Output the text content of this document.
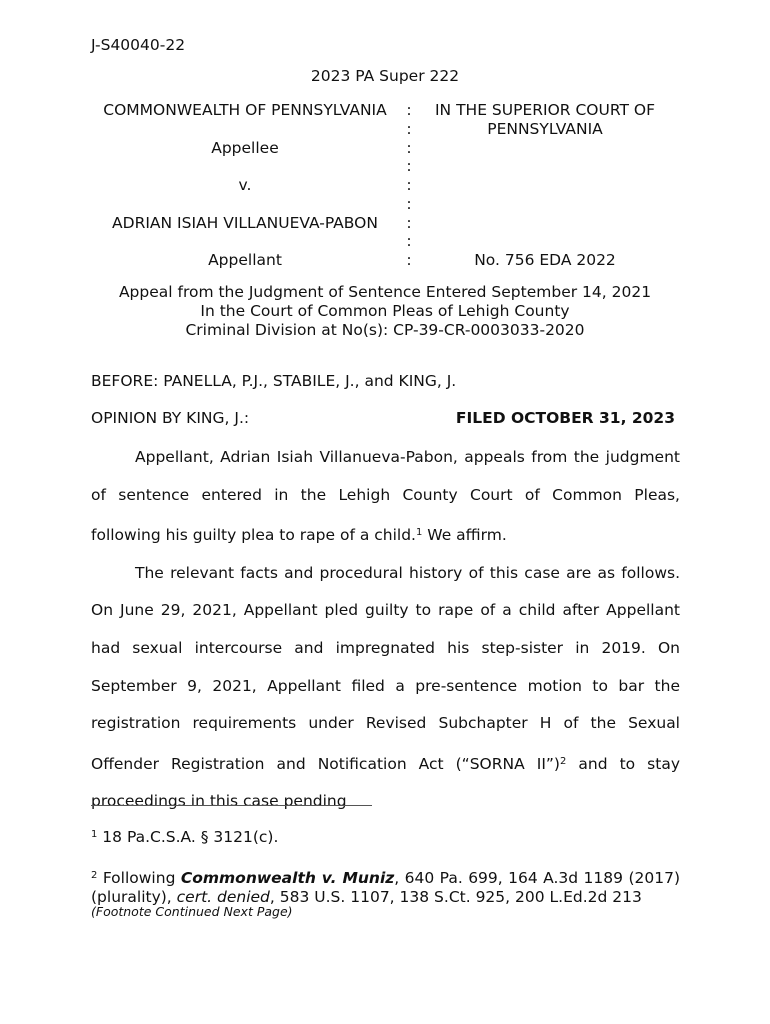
J-S40040-22
2023 PA Super 222
COMMONWEALTH OF PENNSYLVANIA
Appellee
v.
ADRIAN ISIAH VILLANUEVA-PABON
Appellant
:
:
:
:
:
:
:
:
:
IN THE SUPERIOR COURT OF
PENNSYLVANIA
No. 756 EDA 2022
Appeal from the Judgment of Sentence Entered September 14, 2021
In the Court of Common Pleas of Lehigh County
Criminal Division at No(s): CP-39-CR-0003033-2020
BEFORE: PANELLA, P.J., STABILE, J., and KING, J.
OPINION BY KING, J.:	FILED OCTOBER 31, 2023

Appellant, Adrian Isiah Villanueva-Pabon, appeals from the judgment of sentence entered in the Lehigh County Court of Common Pleas, following his guilty plea to rape of a child.$^1$ We affirm.

The relevant facts and procedural history of this case are as follows. On June 29, 2021, Appellant pled guilty to rape of a child after Appellant had sexual intercourse and impregnated his step-sister in 2019. On September 9, 2021, Appellant filed a pre-sentence motion to bar the registration requirements under Revised Subchapter H of the Sexual Offender Registration and Notification Act (“SORNA II”)$^2$ and to stay proceedings in this case pending

$^1$ 18 Pa.C.S.A. § 3121(c).
$^2$ Following Commonwealth v. Muniz, 640 Pa. 699, 164 A.3d 1189 (2017) (plurality), cert. denied, 583 U.S. 1107, 138 S.Ct. 925, 200 L.Ed.2d 213
(Footnote Continued Next Page)
